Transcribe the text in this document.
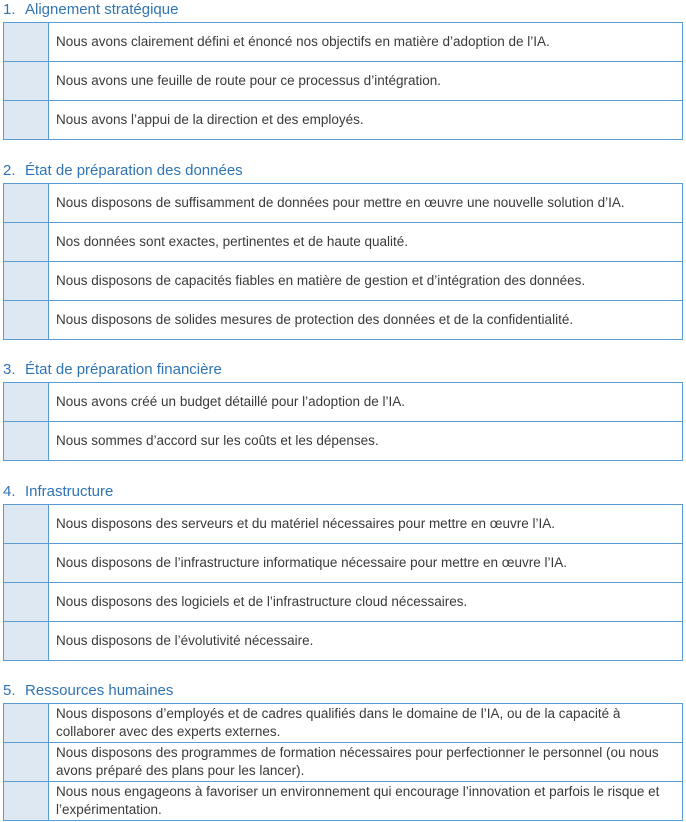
1. Alignement stratégique
	Nous avons clairement défini et énoncé nos objectifs en matière d’adoption de l’IA.
	Nous avons une feuille de route pour ce processus d’intégration.
	Nous avons l’appui de la direction et des employés.
2. État de préparation des données
	Nous disposons de suffisamment de données pour mettre en œuvre une nouvelle solution d’IA.
	Nos données sont exactes, pertinentes et de haute qualité.
	Nous disposons de capacités fiables en matière de gestion et d’intégration des données.
	Nous disposons de solides mesures de protection des données et de la confidentialité.
3. État de préparation financière
	Nous avons créé un budget détaillé pour l’adoption de l’IA.
	Nous sommes d’accord sur les coûts et les dépenses.
4. Infrastructure
	Nous disposons des serveurs et du matériel nécessaires pour mettre en œuvre l’IA.
	Nous disposons de l’infrastructure informatique nécessaire pour mettre en œuvre l’IA.
	Nous disposons des logiciels et de l’infrastructure cloud nécessaires.
	Nous disposons de l’évolutivité nécessaire.
5. Ressources humaines
	Nous disposons d’employés et de cadres qualifiés dans le domaine de l’IA, ou de la capacité à collaborer avec des experts externes.
	Nous disposons des programmes de formation nécessaires pour perfectionner le personnel (ou nous avons préparé des plans pour les lancer).
	Nous nous engageons à favoriser un environnement qui encourage l’innovation et parfois le risque et l’expérimentation.
